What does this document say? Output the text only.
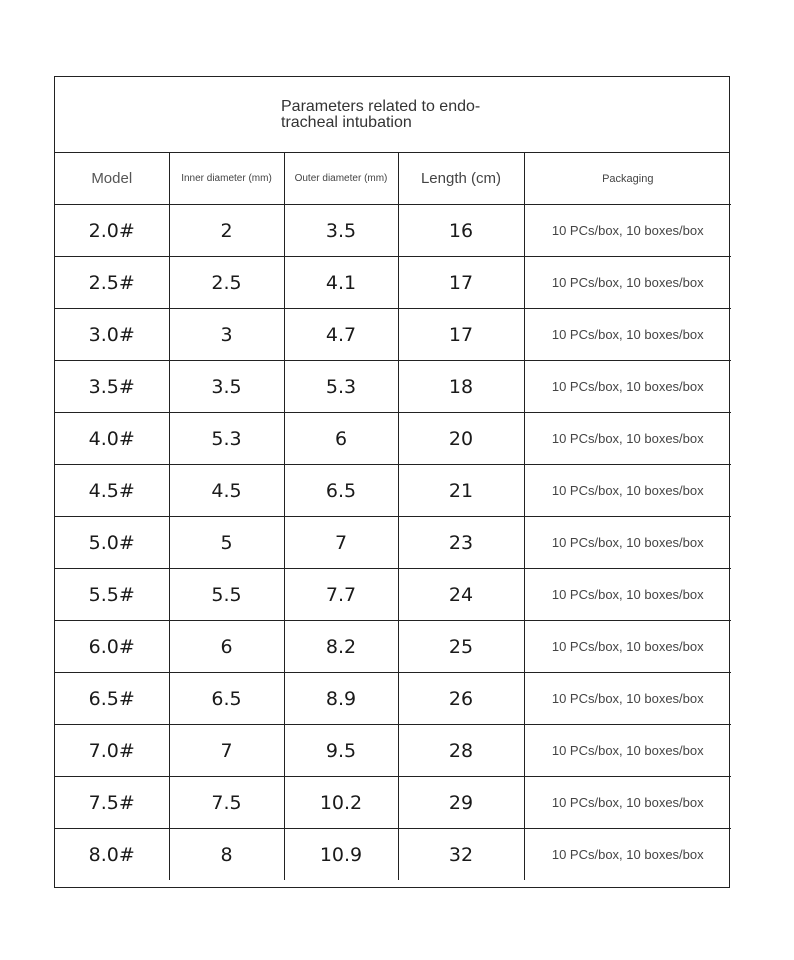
Parameters related to endo-
tracheal intubation
Model	Inner diameter (mm)	Outer diameter (mm)	Length (cm)	Packaging
2.0#	2	3.5	16	10 PCs/box, 10 boxes/box
2.5#	2.5	4.1	17	10 PCs/box, 10 boxes/box
3.0#	3	4.7	17	10 PCs/box, 10 boxes/box
3.5#	3.5	5.3	18	10 PCs/box, 10 boxes/box
4.0#	5.3	6	20	10 PCs/box, 10 boxes/box
4.5#	4.5	6.5	21	10 PCs/box, 10 boxes/box
5.0#	5	7	23	10 PCs/box, 10 boxes/box
5.5#	5.5	7.7	24	10 PCs/box, 10 boxes/box
6.0#	6	8.2	25	10 PCs/box, 10 boxes/box
6.5#	6.5	8.9	26	10 PCs/box, 10 boxes/box
7.0#	7	9.5	28	10 PCs/box, 10 boxes/box
7.5#	7.5	10.2	29	10 PCs/box, 10 boxes/box
8.0#	8	10.9	32	10 PCs/box, 10 boxes/box
